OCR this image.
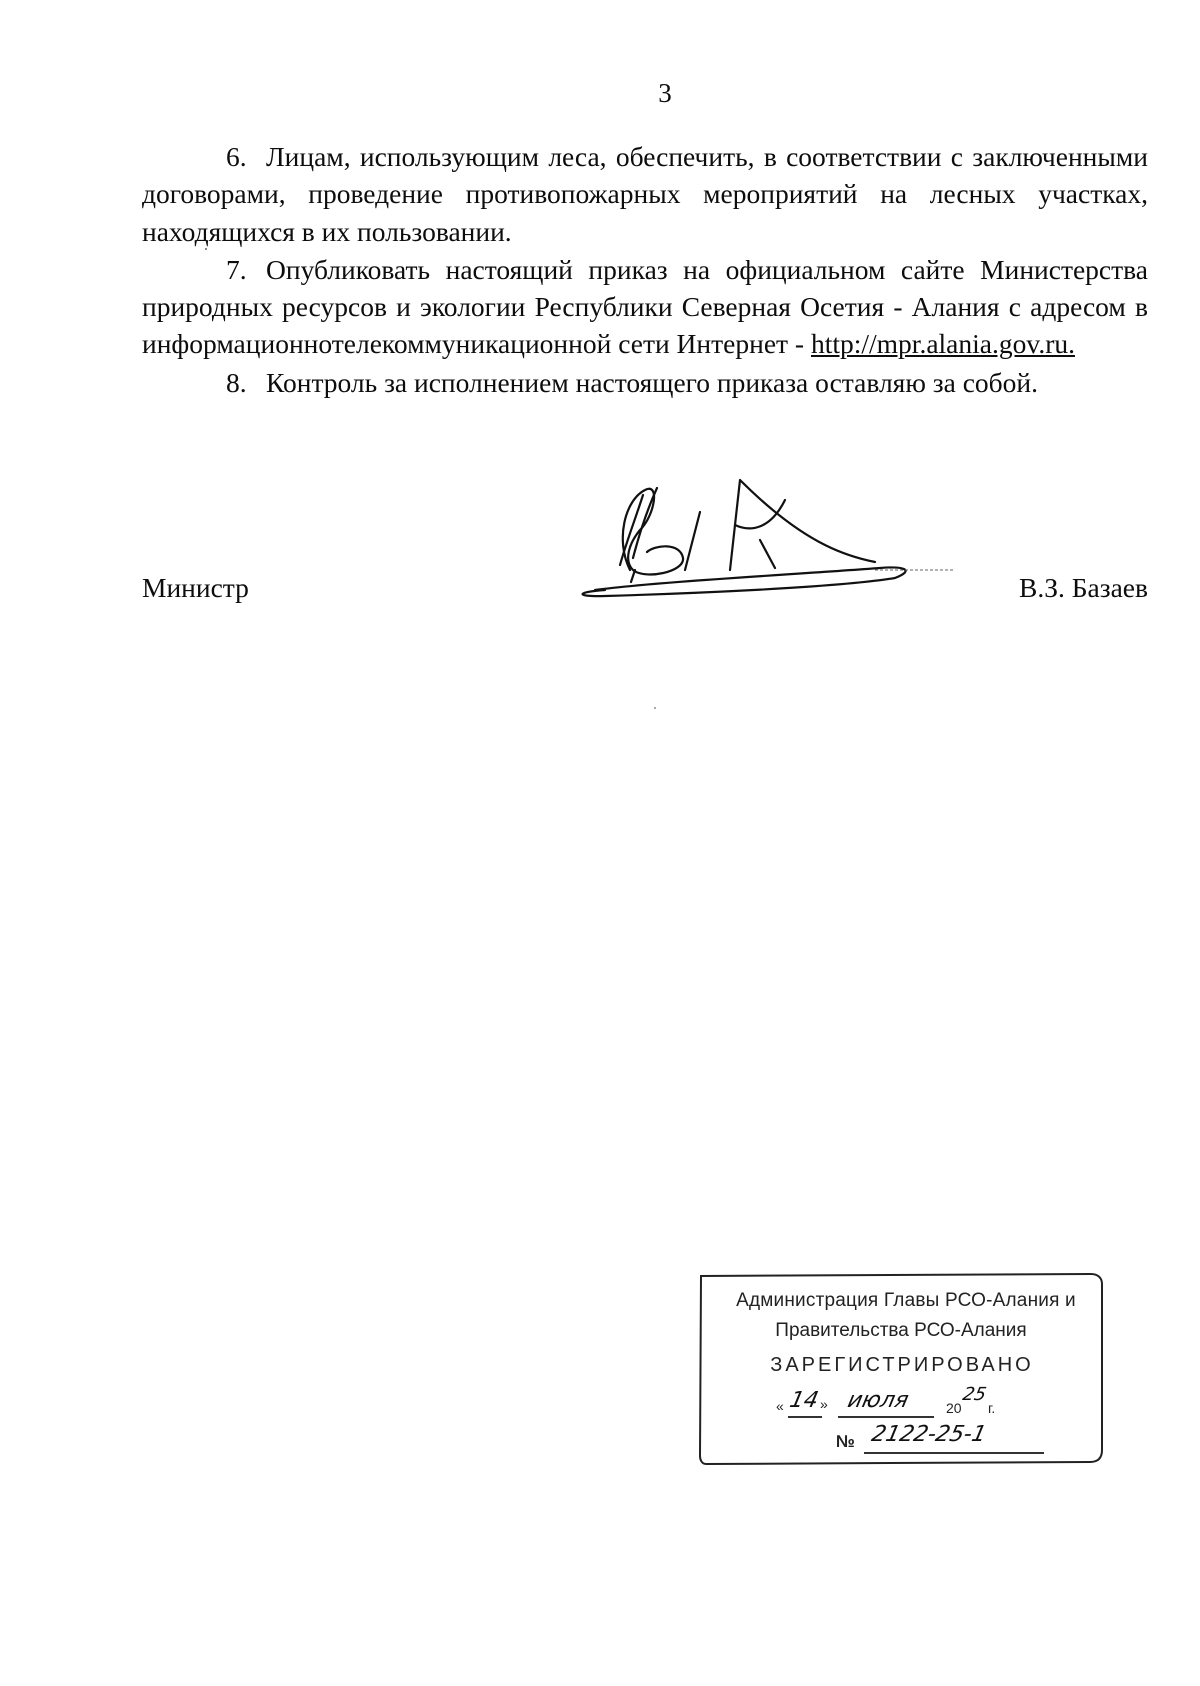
3

6. Лицам, использующим леса, обеспечить, в соответствии с заключенными договорами, проведение противопожарных мероприятий на лесных участках, находящихся в их пользовании.

7. Опубликовать настоящий приказ на официальном сайте Министерства природных ресурсов и экологии Республики Северная Осетия - Алания с адресом в информационнотелекоммуникационной сети Интернет - http://mpr.alania.gov.ru.

8. Контроль за исполнением настоящего приказа оставляю за собой.

Министр	В.З. Базаев
Администрация Главы РСО-Алания и
Правительства РСО-Алания
ЗАРЕГИСТРИРОВАНО
« 14 » июля	20
25
г.
№ 2122-25-1
